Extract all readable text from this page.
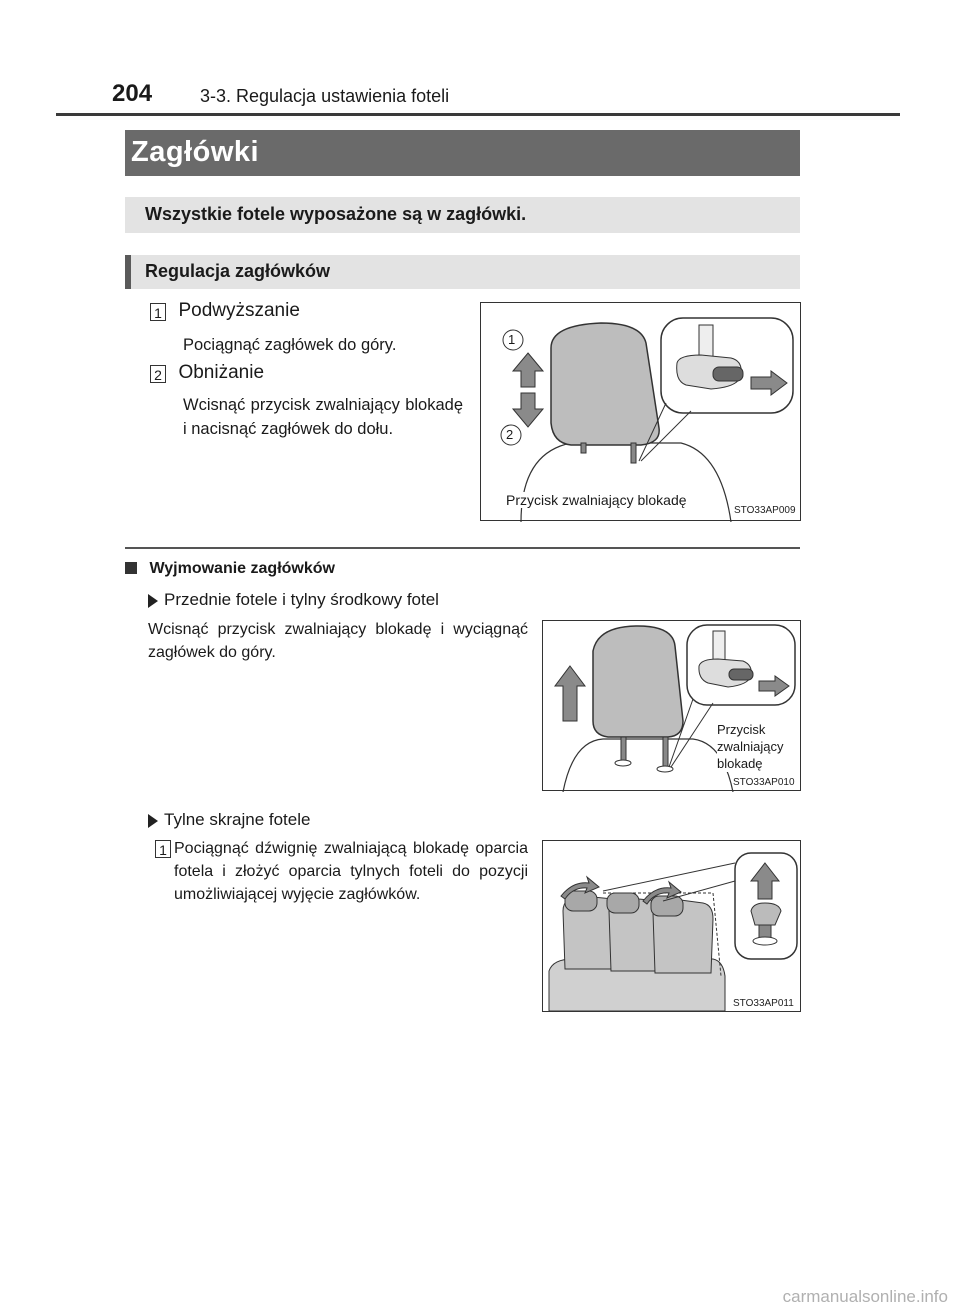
204	3-3. Regulacja ustawienia foteli
Zagłówki
Wszystkie fotele wyposażone są w zagłówki.
Regulacja zagłówków
1 Podwyższanie
Pociągnąć zagłówek do góry.
2 Obniżanie
Wcisnąć przycisk zwalniający blokadę i nacisnąć zagłówek do dołu.
1
2
Przycisk zwalniający blokadę
STO33AP009
Wyjmowanie zagłówków
Przednie fotele i tylny środkowy fotel
Wcisnąć przycisk zwalniający blokadę i wyciągnąć zagłówek do góry.
Przycisk
zwalniający
blokadę
STO33AP010
Tylne skrajne fotele
1 Pociągnąć dźwignię zwalniającą blokadę oparcia fotela i złożyć oparcia tylnych foteli do pozycji umożliwiającej wyjęcie zagłówków.
STO33AP011
carmanualsonline.info
